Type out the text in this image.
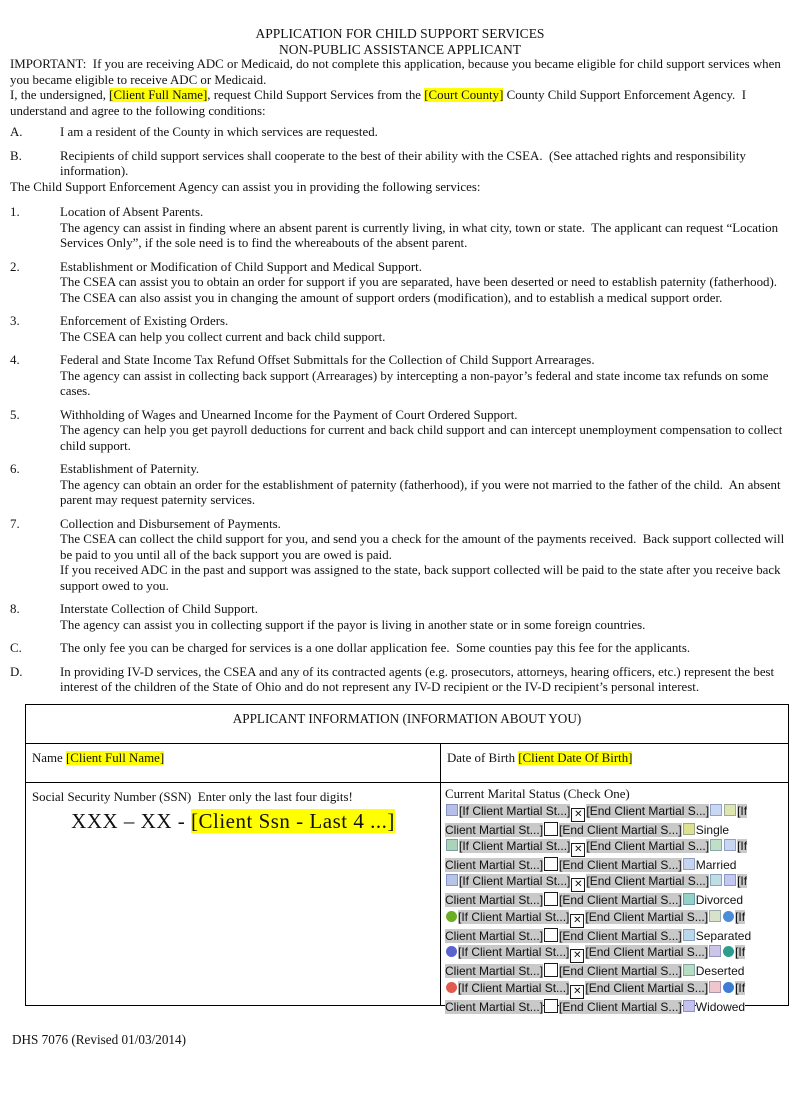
APPLICATION FOR CHILD SUPPORT SERVICES
NON-PUBLIC ASSISTANCE APPLICANT

IMPORTANT:  If you are receiving ADC or Medicaid, do not complete this application, because you became eligible for child support services when you became eligible to receive ADC or Medicaid.

I, the undersigned, [Client Full Name], request Child Support Services from the [Court County] County Child Support Enforcement Agency.  I understand and agree to the following conditions:

A.	I am a resident of the County in which services are requested.
B.	Recipients of child support services shall cooperate to the best of their ability with the CSEA.  (See attached rights and responsibility information).

The Child Support Enforcement Agency can assist you in providing the following services:

1.	Location of Absent Parents.
The agency can assist in finding where an absent parent is currently living, in what city, town or state.  The applicant can request “Location Services Only”, if the sole need is to find the whereabouts of the absent parent.
2.	Establishment or Modification of Child Support and Medical Support.
The CSEA can assist you to obtain an order for support if you are separated, have been deserted or need to establish paternity (fatherhood).  The CSEA can also assist you in changing the amount of support orders (modification), and to establish a medical support order.
3.	Enforcement of Existing Orders.
The CSEA can help you collect current and back child support.
4.	Federal and State Income Tax Refund Offset Submittals for the Collection of Child Support Arrearages.
The agency can assist in collecting back support (Arrearages) by intercepting a non-payor’s federal and state income tax refunds on some cases.
5.	Withholding of Wages and Unearned Income for the Payment of Court Ordered Support.
The agency can help you get payroll deductions for current and back child support and can intercept unemployment compensation to collect child support.
6.	Establishment of Paternity.
The agency can obtain an order for the establishment of paternity (fatherhood), if you were not married to the father of the child.  An absent parent may request paternity services.
7.	Collection and Disbursement of Payments.
The CSEA can collect the child support for you, and send you a check for the amount of the payments received.  Back support collected will be paid to you until all of the back support you are owed is paid.
If you received ADC in the past and support was assigned to the state, back support collected will be paid to the state after you receive back support owed to you.
8.	Interstate Collection of Child Support.
The agency can assist you in collecting support if the payor is living in another state or in some foreign countries.
C.	The only fee you can be charged for services is a one dollar application fee.  Some counties pay this fee for the applicants.
D.	In providing IV-D services, the CSEA and any of its contracted agents (e.g. prosecutors, attorneys, hearing officers, etc.) represent the best interest of the children of the State of Ohio and do not represent any IV-D recipient or the IV-D recipient’s personal interest.
APPLICANT INFORMATION (INFORMATION ABOUT YOU)
Name [Client Full Name]	Date of Birth [Client Date Of Birth]
Social Security Number (SSN)  Enter only the last four digits!
XXX – XX - [Client Ssn - Last 4 ...]
Current Marital Status (Check One)
[If Client Martial St...] ✕ [End Client Martial S...] [If
Client Martial St...] [End Client Martial S...] Single
[If Client Martial St...] ✕ [End Client Martial S...] [If
Client Martial St...] [End Client Martial S...] Married
[If Client Martial St...] ✕ [End Client Martial S...] [If
Client Martial St...] [End Client Martial S...] Divorced
[If Client Martial St...] ✕ [End Client Martial S...] [If
Client Martial St...] [End Client Martial S...] Separated
[If Client Martial St...] ✕ [End Client Martial S...] [If
Client Martial St...] [End Client Martial S...] Deserted
[If Client Martial St...] ✕ [End Client Martial S...] [If
Client Martial St...] [End Client Martial S...] Widowed
DHS 7076 (Revised 01/03/2014)
